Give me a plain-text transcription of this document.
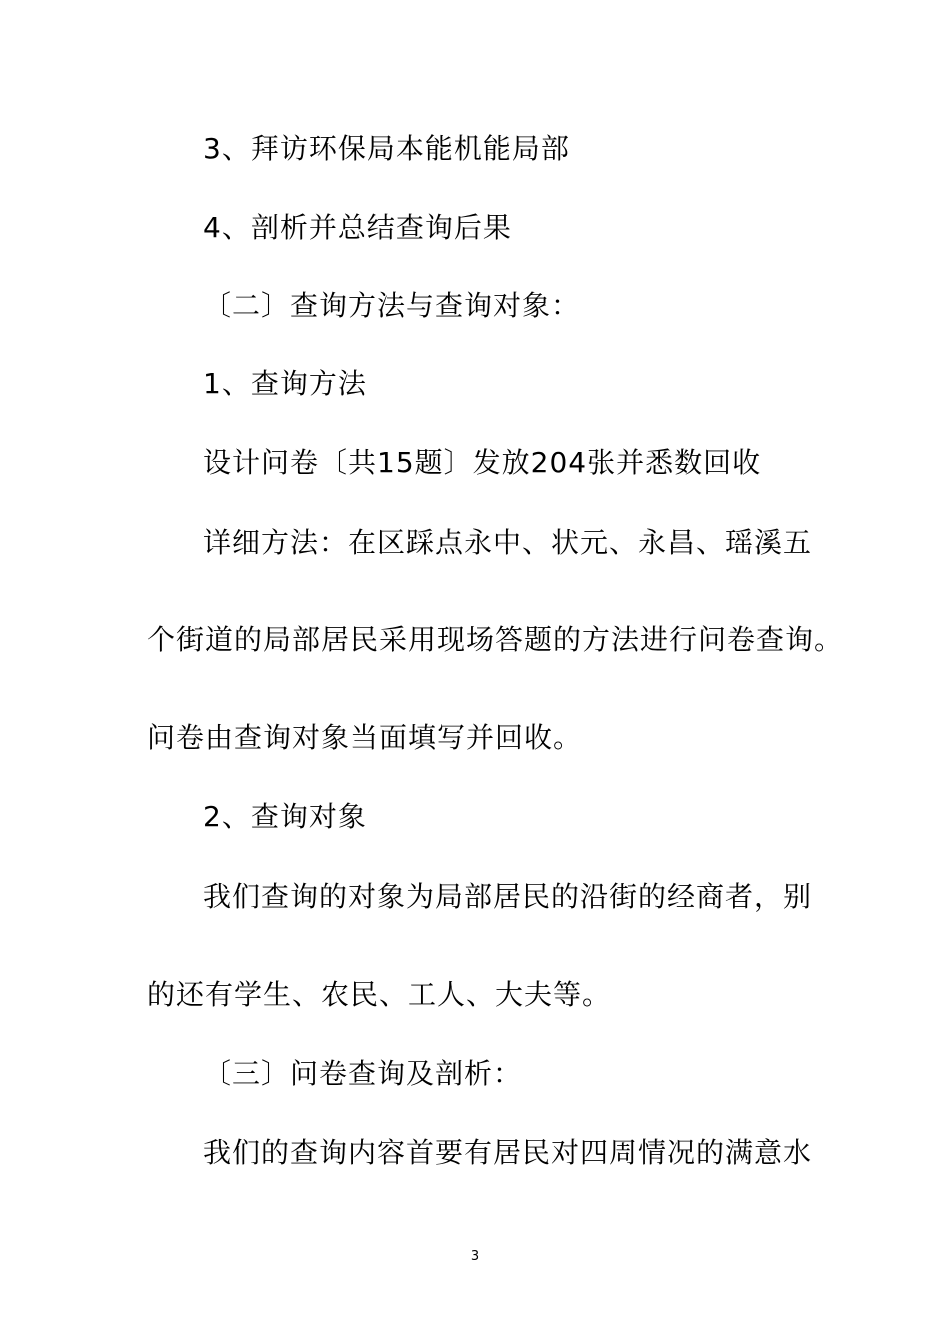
3、拜访环保局本能机能局部
4、剖析并总结查询后果
〔二〕查询方法与查询对象：
1、查询方法
设计问卷〔共15题〕发放204张并悉数回收
详细方法：在区踩点永中、状元、永昌、瑶溪五
个街道的局部居民采用现场答题的方法进行问卷查询。
问卷由查询对象当面填写并回收。
2、查询对象
我们查询的对象为局部居民的沿街的经商者，别
的还有学生、农民、工人、大夫等。
〔三〕问卷查询及剖析：
我们的查询内容首要有居民对四周情况的满意水
3
